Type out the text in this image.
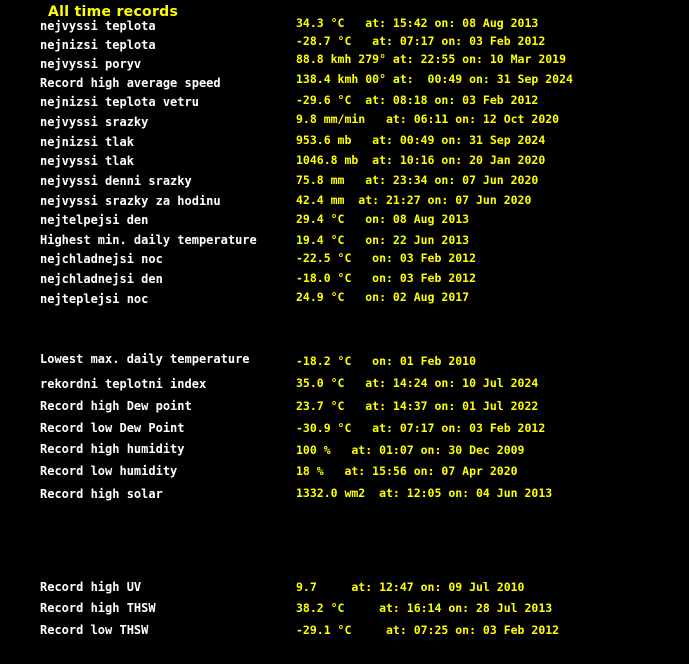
All time records
nejvyssi teplota	34.3 °C   at: 15:42 on: 08 Aug 2013
nejnizsi teplota	-28.7 °C   at: 07:17 on: 03 Feb 2012
nejvyssi poryv	88.8 kmh 279° at: 22:55 on: 10 Mar 2019
Record high average speed	138.4 kmh 00° at:  00:49 on: 31 Sep 2024
nejnizsi teplota vetru	-29.6 °C  at: 08:18 on: 03 Feb 2012
nejvyssi srazky	9.8 mm/min   at: 06:11 on: 12 Oct 2020
nejnizsi tlak	953.6 mb   at: 00:49 on: 31 Sep 2024
nejvyssi tlak	1046.8 mb  at: 10:16 on: 20 Jan 2020
nejvyssi denni srazky	75.8 mm   at: 23:34 on: 07 Jun 2020
nejvyssi srazky za hodinu	42.4 mm  at: 21:27 on: 07 Jun 2020
nejtelpejsi den	29.4 °C   on: 08 Aug 2013
Highest min. daily temperature	19.4 °C   on: 22 Jun 2013
nejchladnejsi noc	-22.5 °C   on: 03 Feb 2012
nejchladnejsi den	-18.0 °C   on: 03 Feb 2012
nejteplejsi noc	24.9 °C   on: 02 Aug 2017
Lowest max. daily temperature	-18.2 °C   on: 01 Feb 2010
rekordni teplotni index	35.0 °C   at: 14:24 on: 10 Jul 2024
Record high Dew point	23.7 °C   at: 14:37 on: 01 Jul 2022
Record low Dew Point	-30.9 °C   at: 07:17 on: 03 Feb 2012
Record high humidity	100 %   at: 01:07 on: 30 Dec 2009
Record low humidity	18 %   at: 15:56 on: 07 Apr 2020
Record high solar	1332.0 wm2  at: 12:05 on: 04 Jun 2013
Record high UV	9.7     at: 12:47 on: 09 Jul 2010
Record high THSW	38.2 °C     at: 16:14 on: 28 Jul 2013
Record low THSW	-29.1 °C     at: 07:25 on: 03 Feb 2012
